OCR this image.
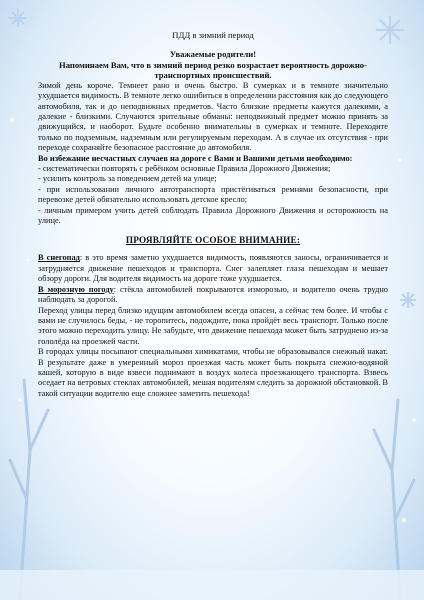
ПДД в зимний период

Уважаемые родители!

Напоминаем Вам, что в зимний период резко возрастает вероятность дорожно-транспортных происшествий.

Зимой день короче. Темнеет рано и очень быстро. В сумерках и в темноте значительно ухудшается видимость. В темноте легко ошибиться в определении расстояния как до следующего автомобиля, так и до неподвижных предметов. Часто близкие предметы кажутся далекими, а далекие - близкими. Случаются зрительные обманы: неподвижный предмет можно принять за движущийся, и наоборот. Будьте особенно внимательны в сумерках и темноте. Переходите только по подземным, надземным или регулируемым переходам. А в случае их отсутствия - при переходе сохраняйте безопасное расстояние до автомобиля.

Во избежание несчастных случаев на дороге с Вами и Вашими детьми необходимо:

- систематически повторять с ребёнком основные Правила Дорожного Движения;

- усилить контроль за поведением детей на улице;

- при использовании личного автотранспорта пристёгиваться ремнями безопасности, при перевозке детей обязательно использовать детское кресло;

- личным примером учить детей соблюдать Правила Дорожного Движения и осторожность на улице.

ПРОЯВЛЯЙТЕ ОСОБОЕ ВНИМАНИЕ:

В снегопад: в это время заметно ухудшается видимость, появляются заносы, ограничивается и затрудняется движение пешеходов и транспорта. Снег залепляет глаза пешеходам и мешает обзору дороги. Для водителя видимость на дороге тоже ухудшается.

В морозную погоду: стёкла автомобилей покрываются изморозью, и водителю очень трудно наблюдать за дорогой.

Переход улицы перед близко идущим автомобилем всегда опасен, а сейчас тем более. И чтобы с вами не случилось беды, - не торопитесь, подождите, пока пройдёт весь транспорт. Только после этого можно переходить улицу. Не забудьте, что движение пешехода может быть затруднено из-за гололёда на проезжей части.

В городах улицы посыпают специальными химикатами, чтобы не образовывался снежный накат. В результате даже в умеренный мороз проезжая часть может быть покрыта снежно-водяной кашей, которую в виде взвеси поднимают в воздух колеса проезжающего транспорта. Взвесь оседает на ветровых стеклах автомобилей, мешая водителям следить за дорожной обстановкой. В такой ситуации водителю еще сложнее заметить пешехода!
